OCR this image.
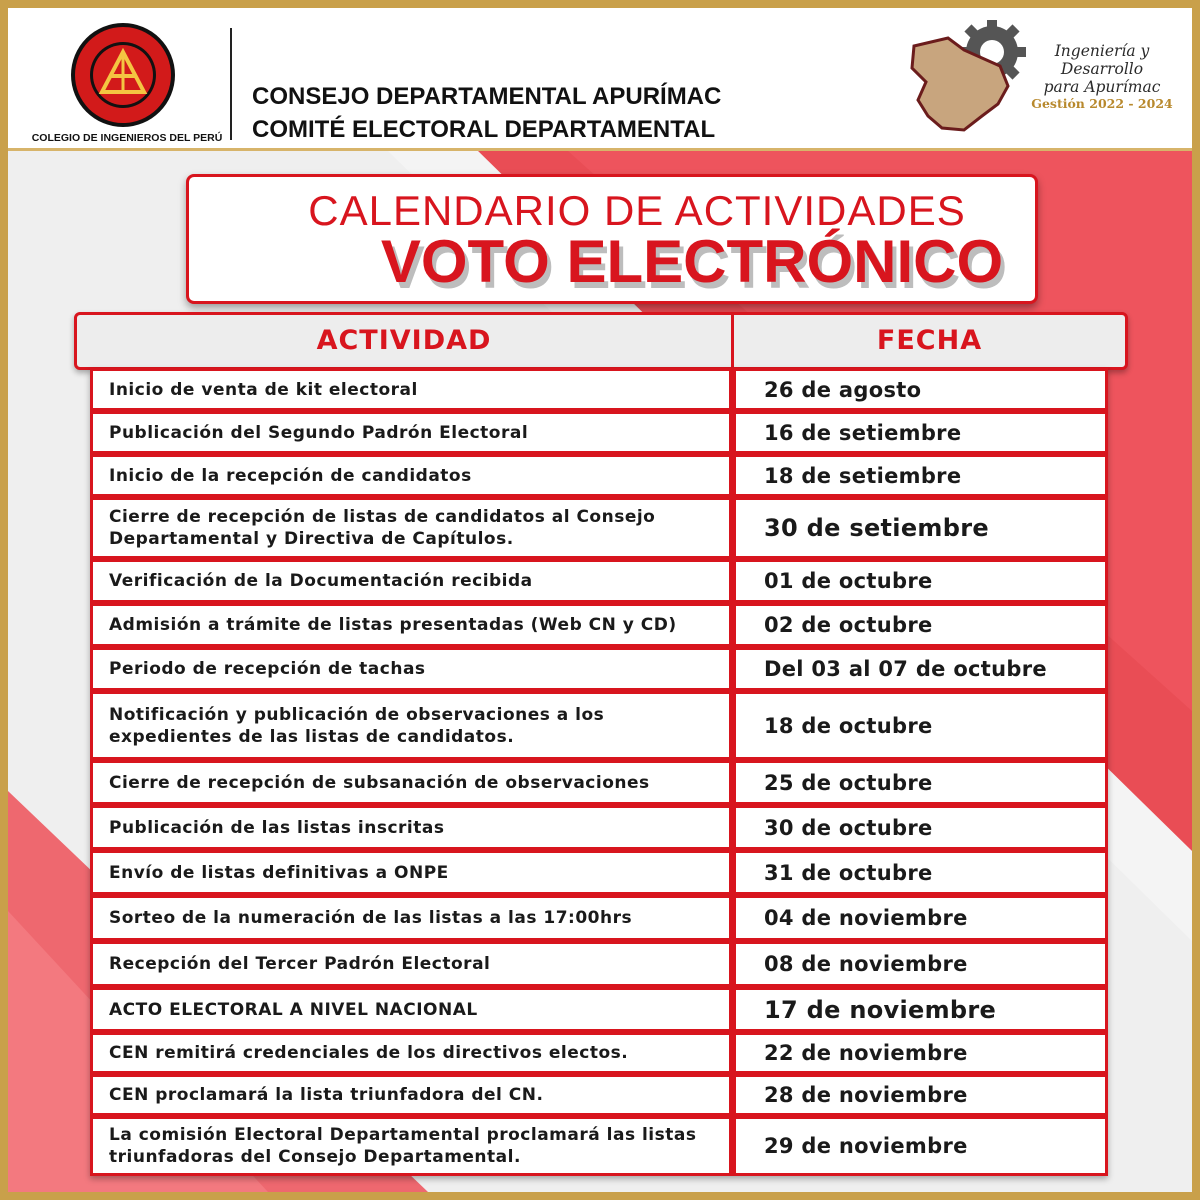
COLEGIO DE INGENIEROS DEL PERÚ
CONSEJO DEPARTAMENTAL APURÍMAC
COMITÉ ELECTORAL DEPARTAMENTAL
Ingeniería y Desarrollo
para Apurímac
Gestión 2022 - 2024
CALENDARIO DE ACTIVIDADES
VOTO ELECTRÓNICO
ACTIVIDAD	FECHA
Inicio de venta de kit electoral	26 de agosto
Publicación del Segundo Padrón Electoral	16 de setiembre
Inicio de la recepción de candidatos	18 de setiembre
Cierre de recepción de listas de candidatos al Consejo Departamental y Directiva de Capítulos.	30 de setiembre
Verificación de la Documentación recibida	01 de octubre
Admisión a trámite de listas presentadas (Web CN y CD)	02 de octubre
Periodo de recepción de tachas	Del 03 al 07 de octubre
Notificación y publicación de observaciones a los expedientes de las listas de candidatos.	18 de octubre
Cierre de recepción de subsanación de observaciones	25 de octubre
Publicación de las listas inscritas	30 de octubre
Envío de listas definitivas a ONPE	31 de octubre
Sorteo de la numeración de las listas a las 17:00hrs	04 de noviembre
Recepción del Tercer Padrón Electoral	08 de noviembre
ACTO ELECTORAL A NIVEL NACIONAL	17 de noviembre
CEN remitirá credenciales de los directivos electos.	22 de noviembre
CEN proclamará la lista triunfadora del CN.	28 de noviembre
La comisión Electoral Departamental proclamará las listas triunfadoras del Consejo Departamental.	29 de noviembre
